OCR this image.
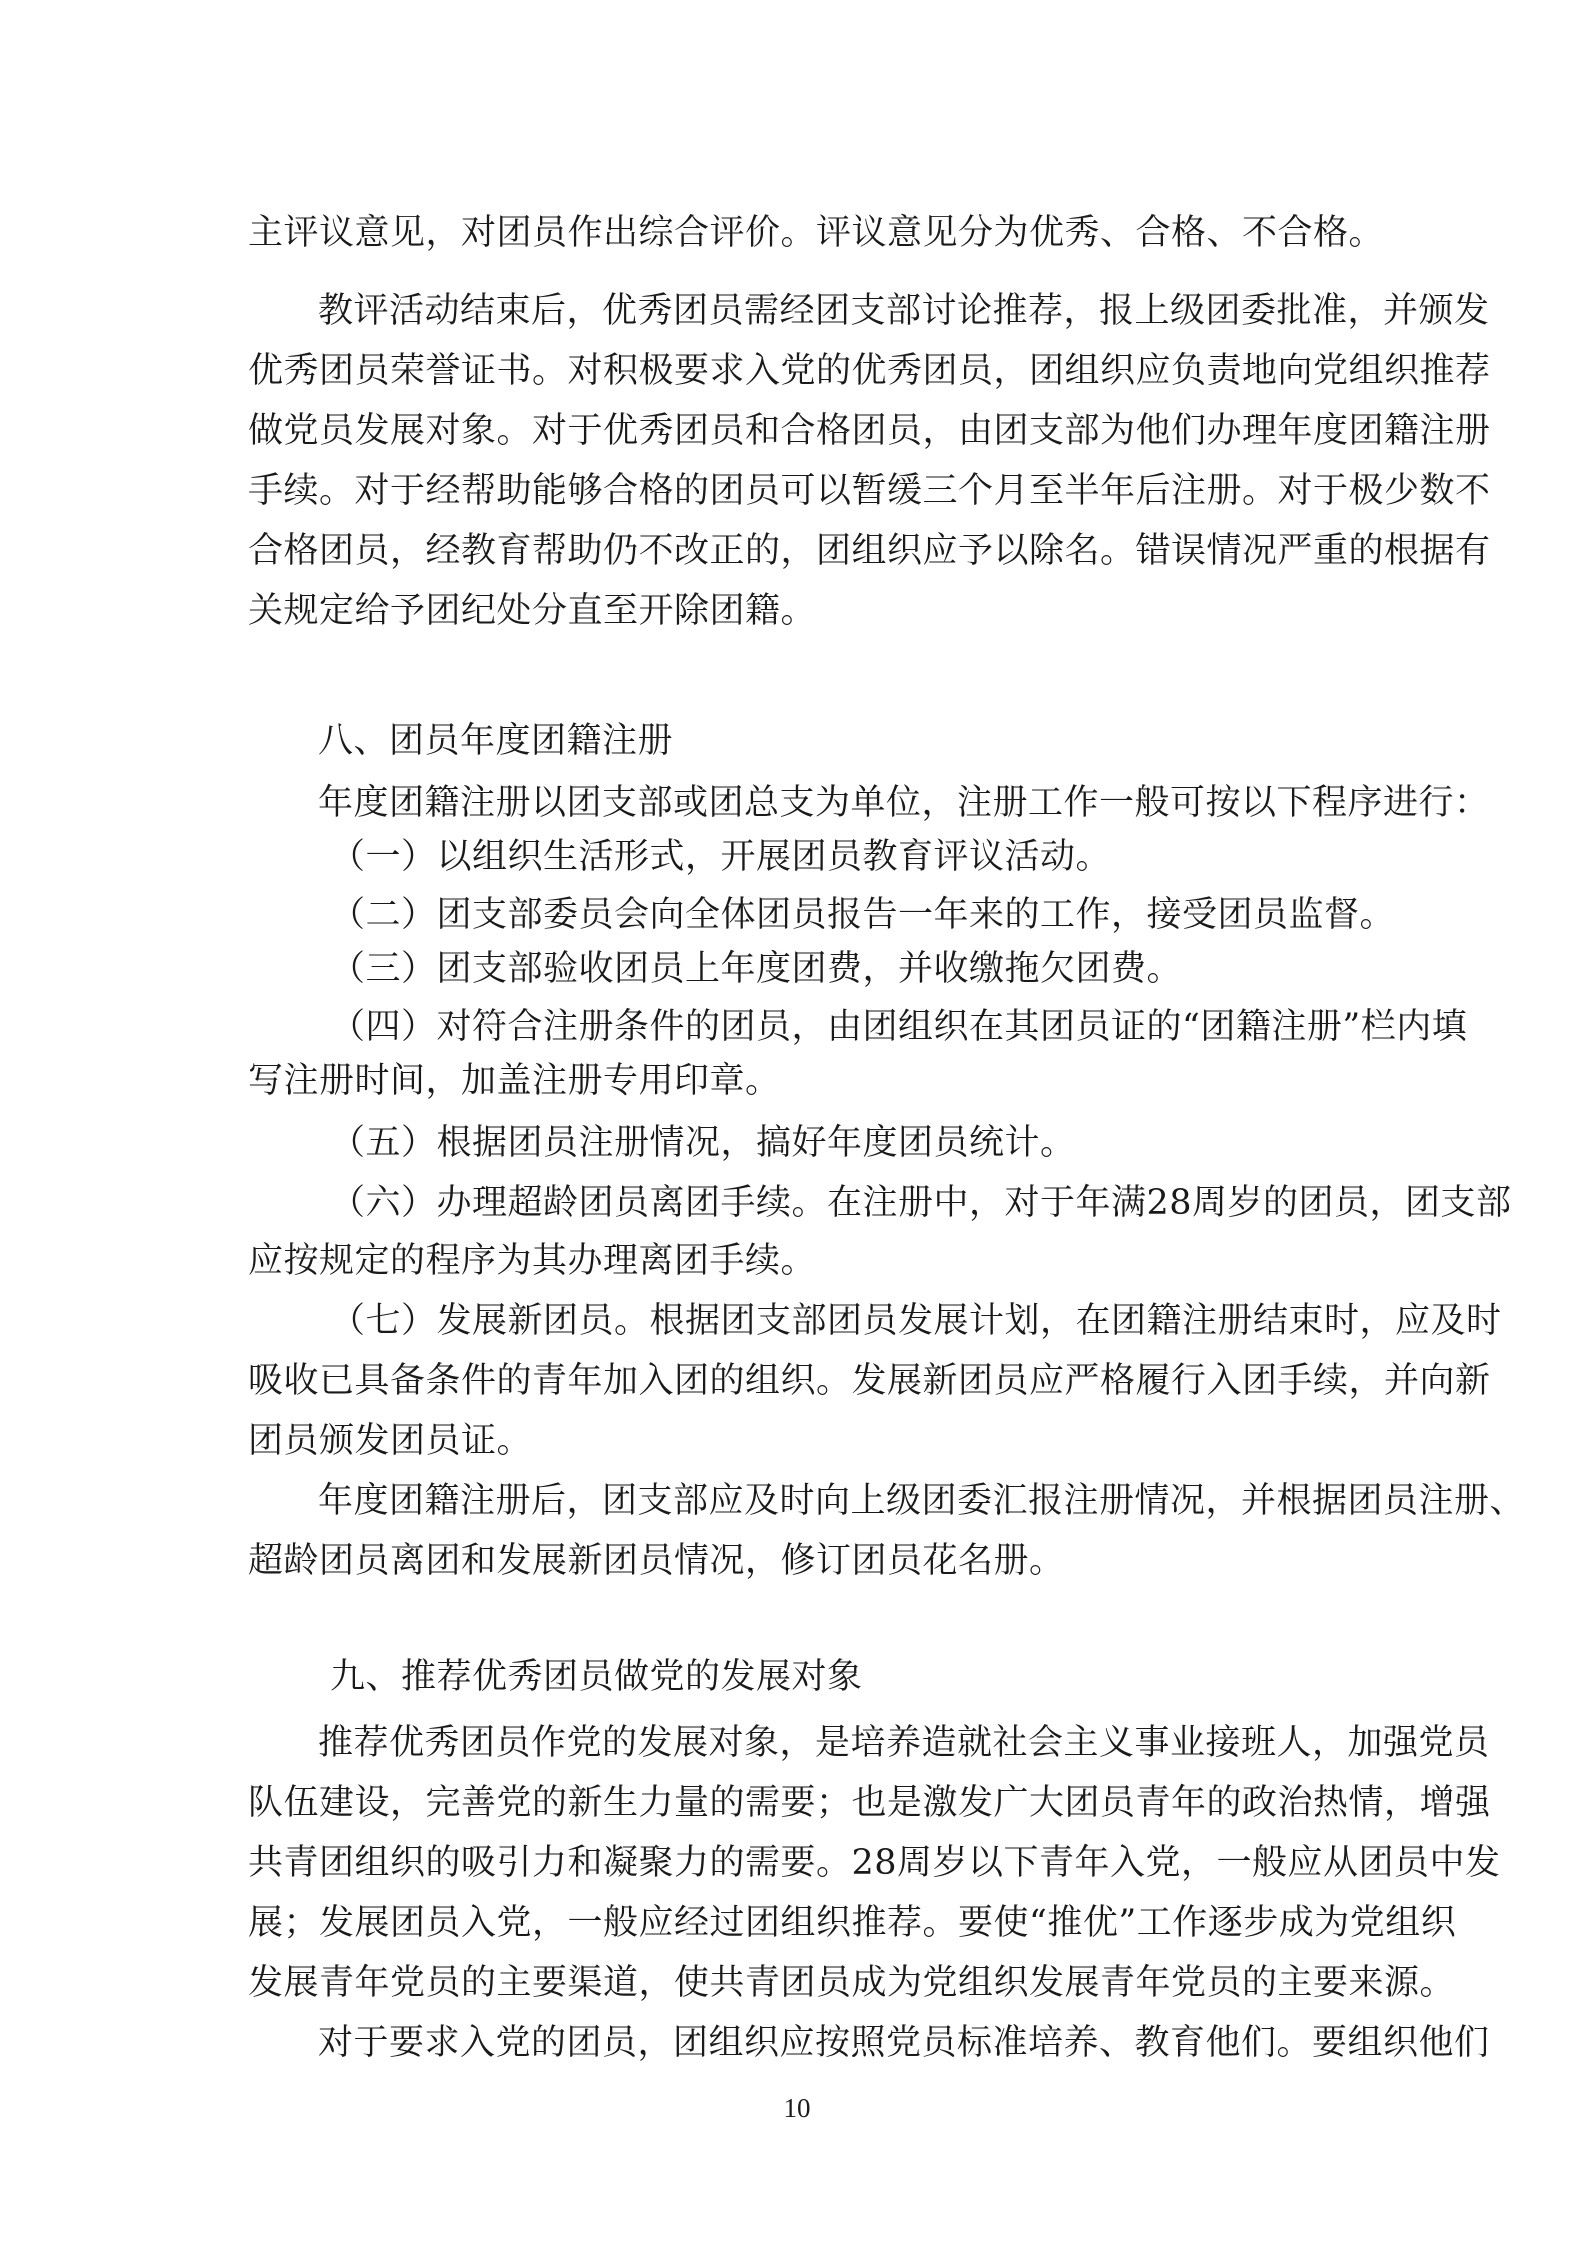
主评议意见，对团员作出综合评价。评议意见分为优秀、合格、不合格。

教评活动结束后，优秀团员需经团支部讨论推荐，报上级团委批准，并颁发

优秀团员荣誉证书。对积极要求入党的优秀团员，团组织应负责地向党组织推荐

做党员发展对象。对于优秀团员和合格团员，由团支部为他们办理年度团籍注册

手续。对于经帮助能够合格的团员可以暂缓三个月至半年后注册。对于极少数不

合格团员，经教育帮助仍不改正的，团组织应予以除名。错误情况严重的根据有

关规定给予团纪处分直至开除团籍。

八、团员年度团籍注册

年度团籍注册以团支部或团总支为单位，注册工作一般可按以下程序进行：

（一）以组织生活形式，开展团员教育评议活动。

（二）团支部委员会向全体团员报告一年来的工作，接受团员监督。

（三）团支部验收团员上年度团费，并收缴拖欠团费。

（四）对符合注册条件的团员，由团组织在其团员证的“团籍注册”栏内填

写注册时间，加盖注册专用印章。

（五）根据团员注册情况，搞好年度团员统计。

（六）办理超龄团员离团手续。在注册中，对于年满28周岁的团员，团支部

应按规定的程序为其办理离团手续。

（七）发展新团员。根据团支部团员发展计划，在团籍注册结束时，应及时

吸收已具备条件的青年加入团的组织。发展新团员应严格履行入团手续，并向新

团员颁发团员证。

年度团籍注册后，团支部应及时向上级团委汇报注册情况，并根据团员注册、

超龄团员离团和发展新团员情况，修订团员花名册。

九、推荐优秀团员做党的发展对象

推荐优秀团员作党的发展对象，是培养造就社会主义事业接班人，加强党员

队伍建设，完善党的新生力量的需要；也是激发广大团员青年的政治热情，增强

共青团组织的吸引力和凝聚力的需要。28周岁以下青年入党，一般应从团员中发

展；发展团员入党，一般应经过团组织推荐。要使“推优”工作逐步成为党组织

发展青年党员的主要渠道，使共青团员成为党组织发展青年党员的主要来源。

对于要求入党的团员，团组织应按照党员标准培养、教育他们。要组织他们

10
